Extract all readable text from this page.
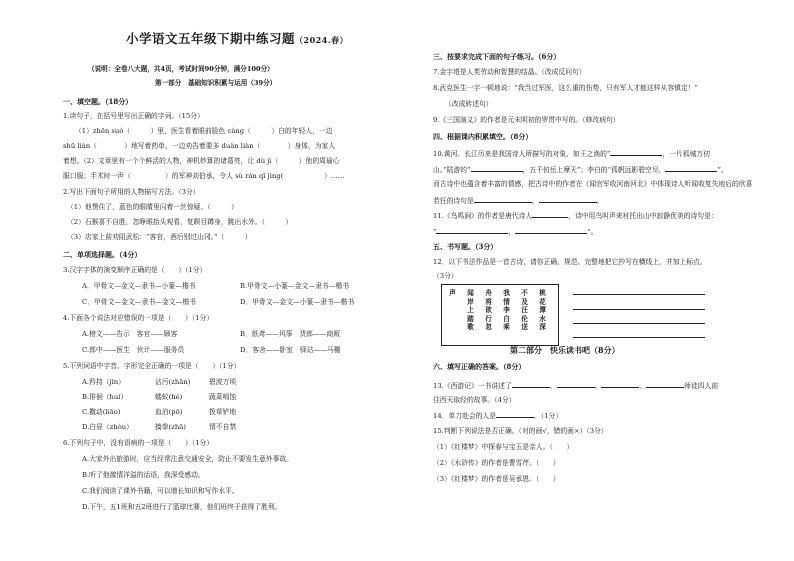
小学语文五年级下期中练习题（2024.春）
（说明：全卷八大题，共4页，考试时间90分钟，满分100分）
第一部分　基础知识积累与运用（39分）
一、填空题。（18分）
1.读句子，在括号里写出正确的字词。（15分）
（1）zhēn suǒ（　　　）里，医生看着眼前脸色 càng（　　　）白的年轻人，一边
shū liàn（　　　　）地写着药单，一边劝告着要多 duàn liàn（　　　　）身体，为家人
着想。（2）文章里有一个个鲜活的人物，神机妙算的诸葛亮，让 dù jì（　　　）他的周瑜心
服口服；手术时一声（　　　　　）的军神刘伯承，令人 sù rán qǐ jìng(　　　　　　）……
2.写出下面句子所用的人物描写方法。（3分）
（1）他愣住了，蓝色的眼睛里闪着一丝惊疑。（　　　）
（2）石猴喜不自胜，忽睁眼抬头观看，复瞑目蹲身，跳出水外。（　　　）
（3）店家上前劝阻武松：“客官，酒后别过山冈。”（　　　）
二、单项选择题。（4分）
3.汉字字体的演变顺序正确的是（　　）（1分）
A．甲骨文—金文—隶书—小篆—楷书	B.甲骨文—小篆—金文—隶书—楷书
C．甲骨文—金文—隶书—金文—楷书	D．甲骨文—金文—小篆—隶书—楷书
4.下面各个说法对应错误的一项是（　　）（1分）
A.榜文——告示　客官——顾客	B．纸鸢——风筝　货郎——商贩
C.郎中——医生　伙计——服务员	D．客舍——卧室　驿站——马棚
5.下列词语中字音、字形完全正确的一项是（　　）（1分）
A.矜持（jīn）	沾污(zhān)	碧波万顷
B.徘徊（huí）	蝼蚁(hé)	蔬菜啃蚀
C.撒动(liāo)	血泊(pō)	拨草铲地
D.白昼（zhòu）	揍拳(zhā)	情不自禁
6.下列句子中，没有语病的一项是（　　）（1分）
A.大家外出旅游时，应当经常注意交通安全，防止不要发生意外事故。
B.听了他激情洋溢的话语，我深受感动。
C.我们阅读了课外书籍，可以增长知识和写作水平。
D.下午，五1班和五2班进行了篮球比赛，他们班终于获得了胜利。
三、按要求完成下面的句子练习。（6分）
7.金字塔是人类劳动和智慧的结晶。（改成反问句）
8.武克医生一字一顿地说：“我当过军医，这么重的伤势，只有军人才能这样从容镇定！”
（改成转述句）
9.《三国演义》的作者是元末明初的罗贯中写的。（修改病句）
四、根据课内积累填空。（8分）
10.黄河、长江历来是我国诗人所描写的对象，如王之涣的“	，一片孤城万仞
山。”陆游的“	，五千仞岳上摩天”；李白的“孤帆远影碧空尽，	”。
而古诗中也蕴含着丰富的情感，把古诗中的作者在《闻官军收河南河北》中体现诗人听闻收复失地后的欣喜
若狂的诗句是	，	。
11.《鸟鸣涧》的作者是唐代诗人	，诗中用鸟叫声来衬托出山中寂静优美的诗句是：
“	，	”。
五、书写题。（3分）
12．以下书法作品是一首古诗，请你正确、规范、完整地把它抄写在横线上，并加上标点。
（3分）
声 闻岸上踏歌
舟将欲行忽
我情李白乘
不及汪伦送
桃花潭水深
第二部分　快乐读书吧（8分）
六、填写正确的答案。（8分）
13.《西游记》一书讲述了	、	、	、	师徒四人前
往西天取经的故事。（4分）
14．单刀赴会的人是	。（1分）
15.判断下列说法是否正确。（对的画√，错的画×）（3分）
（1）《红楼梦》中探春与宝玉是亲人。（　　）
（2）《水浒传》的作者是曹雪芹。（　　）
（3）《红楼梦》的作者是吴承恩。（　　）
